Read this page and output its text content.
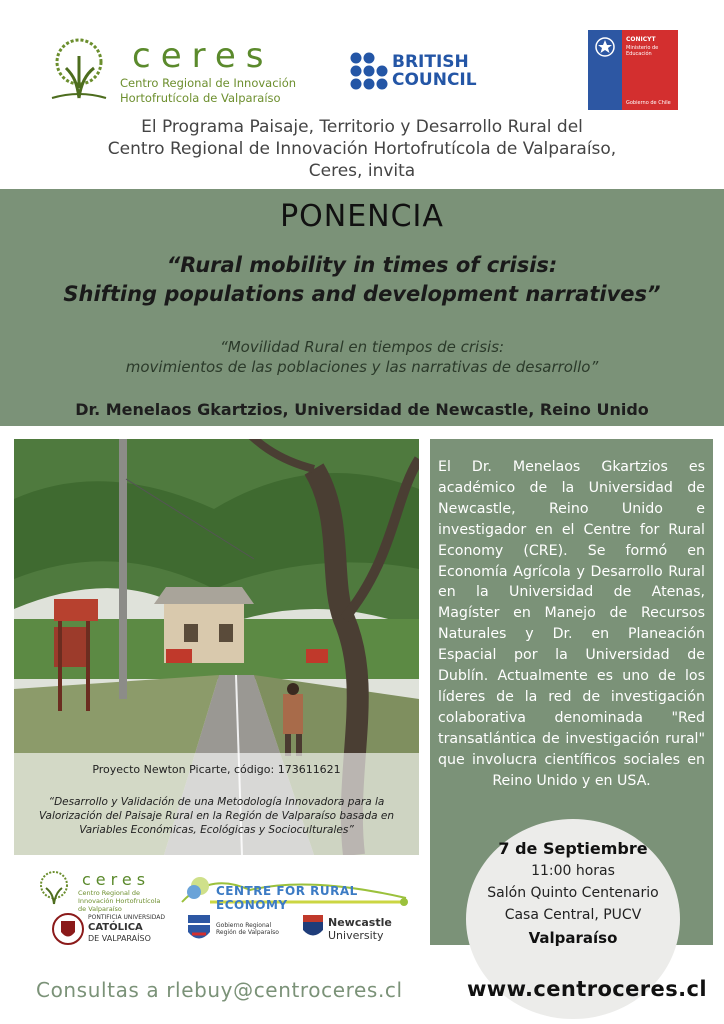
ceres
Centro Regional de Innovación
Hortofrutícola de Valparaíso
BRITISH
COUNCIL
CONICYT
Ministerio de Educación
Gobierno de Chile
El Programa Paisaje, Territorio y Desarrollo Rural del
Centro Regional de Innovación Hortofrutícola de Valparaíso,
Ceres, invita
PONENCIA
“Rural mobility in times of crisis:
Shifting populations and development narratives”
“Movilidad Rural en tiempos de crisis:
movimientos de las poblaciones y las narrativas de desarrollo”
Dr. Menelaos Gkartzios, Universidad de Newcastle, Reino Unido
Proyecto Newton Picarte, código: 173611621
“Desarrollo y Validación de una Metodología Innovadora para la
Valorización del Paisaje Rural en la Región de Valparaíso basada en
Variables Económicas, Ecológicas y Socioculturales”
El Dr. Menelaos Gkartzios es académico de la Universidad de Newcastle, Reino Unido e investigador en el Centre for Rural Economy (CRE). Se formó en Economía Agrícola y Desarrollo Rural en la Universidad de Atenas, Magíster en Manejo de Recursos Naturales y Dr. en Planeación Espacial por la Universidad de Dublín. Actualmente es uno de los líderes de la red de investigación colaborativa denominada "Red transatlántica de investigación rural" que involucra científicos sociales en Reino Unido y en USA.
7 de Septiembre
11:00 horas
Salón Quinto Centenario
Casa Central, PUCV
Valparaíso
ceres
Centro Regional de Innovación Hortofrutícola de Valparaíso
CENTRE FOR RURAL ECONOMY
PONTIFICIA UNIVERSIDAD
CATÓLICA
DE VALPARAÍSO
Gobierno Regional Región de Valparaíso
Newcastle
University
Consultas a rlebuy@centroceres.cl	www.centroceres.cl
